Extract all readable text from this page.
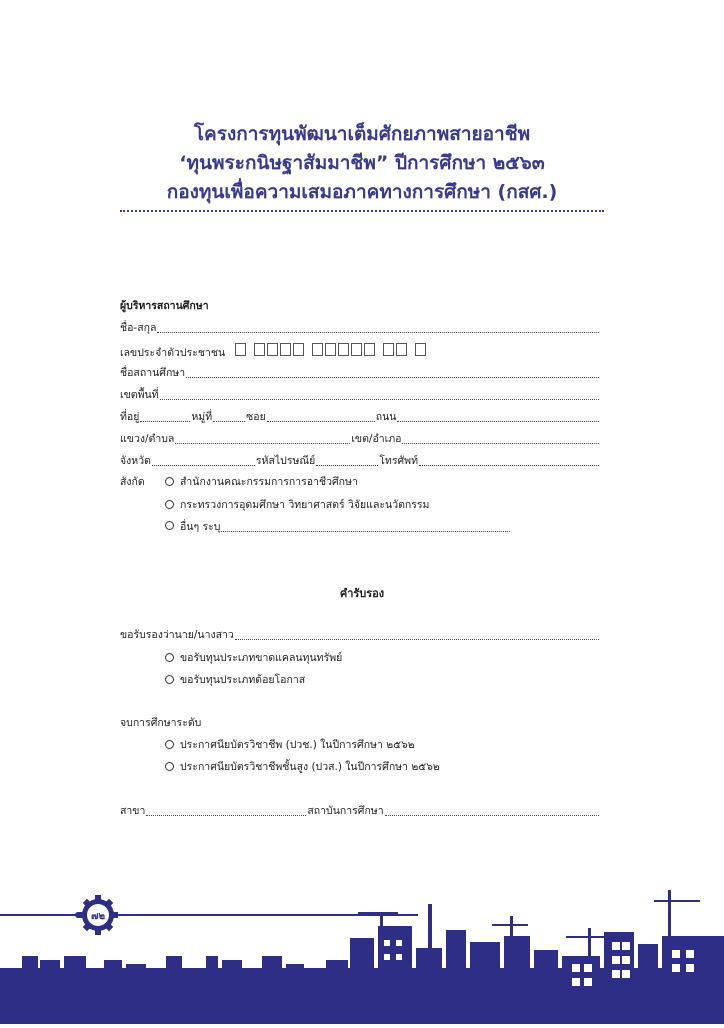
โครงการทุนพัฒนาเต็มศักยภาพสายอาชีพ
‘ทุนพระกนิษฐาสัมมาชีพ” ปีการศึกษา ๒๕๖๓
กองทุนเพื่อความเสมอภาคทางการศึกษา (กสศ.)
ผู้บริหารสถานศึกษา
ชื่อ-สกุล
เลขประจำตัวประชาชน
ชื่อสถานศึกษา
เขตพื้นที่
ที่อยู่	หมู่ที่	ซอย	ถนน
แขวง/ตำบล	เขต/อำเภอ
จังหวัด	รหัสไปรษณีย์	โทรศัพท์
สังกัด	สำนักงานคณะกรรมการการอาชีวศึกษา
กระทรวงการอุดมศึกษา วิทยาศาสตร์ วิจัยและนวัตกรรม
อื่นๆ ระบุ
คำรับรอง
ขอรับรองว่านาย/นางสาว
ขอรับทุนประเภทขาดแคลนทุนทรัพย์
ขอรับทุนประเภทด้อยโอกาส
จบการศึกษาระดับ
ประกาศนียบัตรวิชาชีพ (ปวช.) ในปีการศึกษา ๒๕๖๒
ประกาศนียบัตรวิชาชีพชั้นสูง (ปวส.) ในปีการศึกษา ๒๕๖๒
สาขา	สถาบันการศึกษา
๗๒
